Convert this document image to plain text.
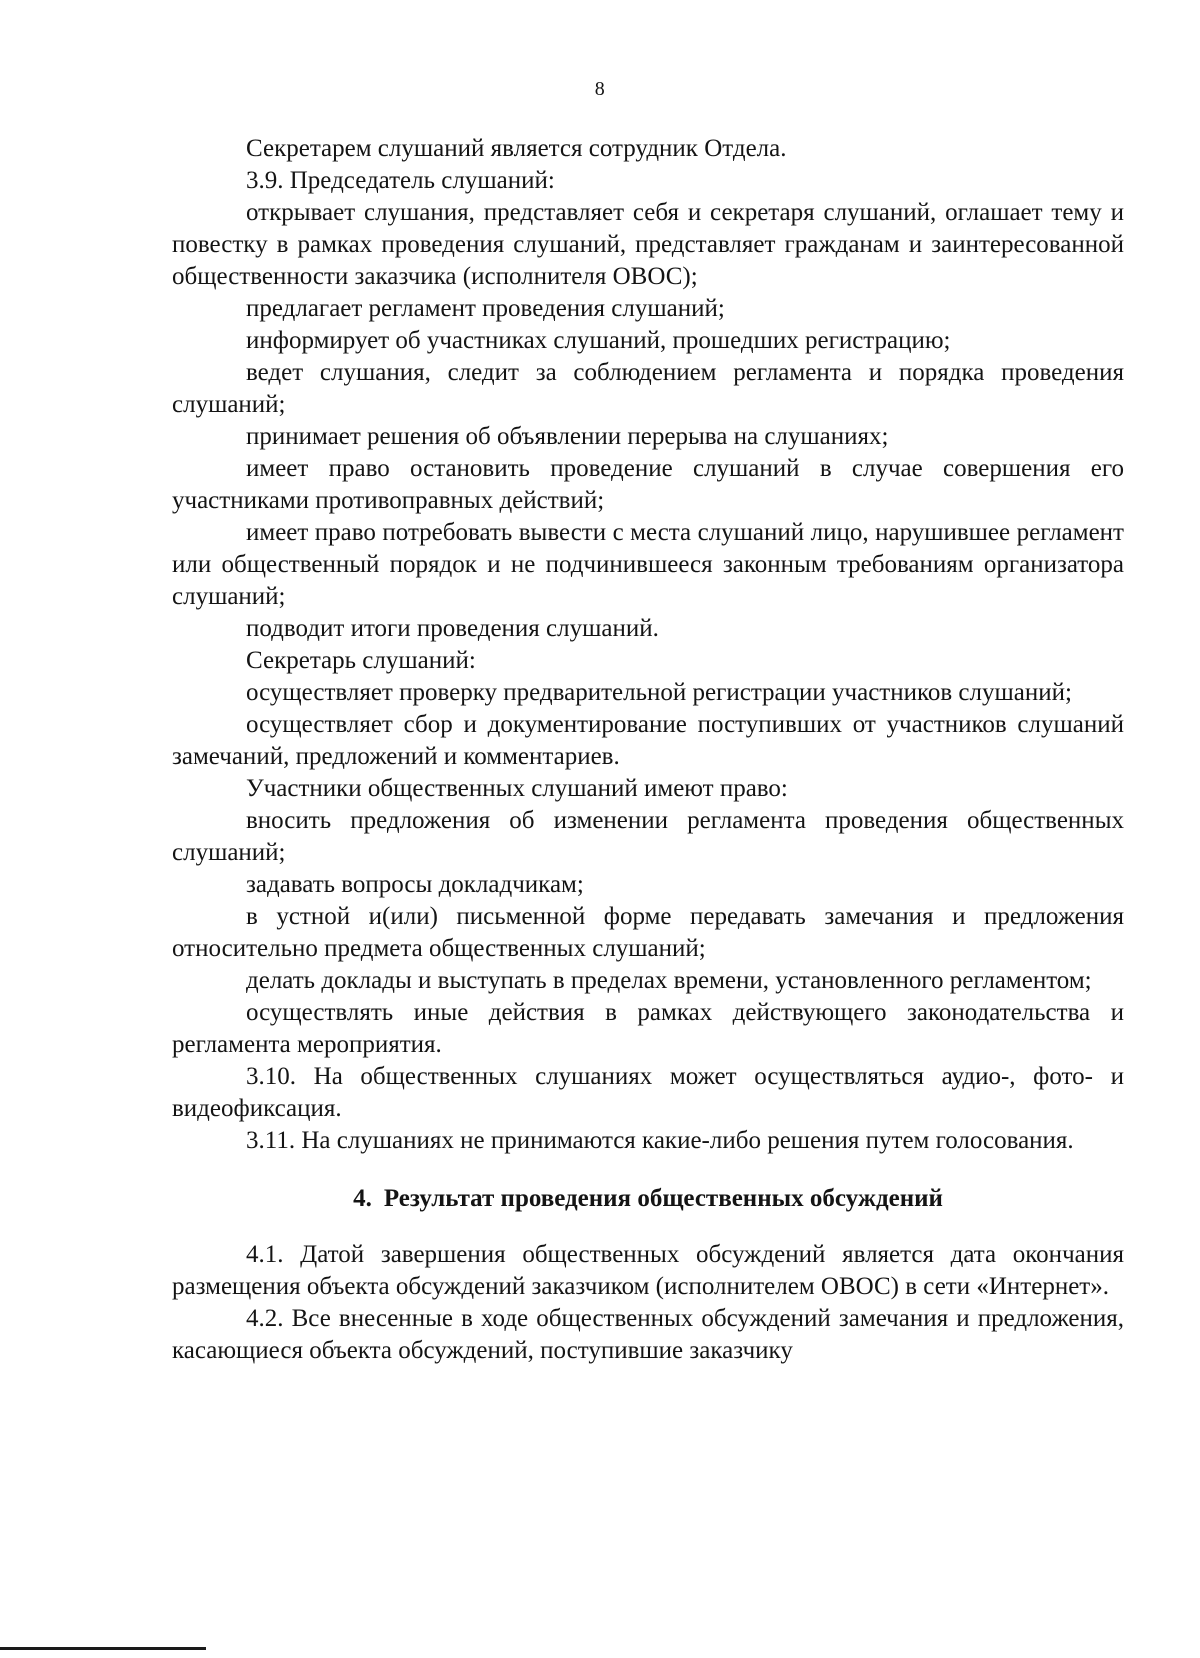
8

Секретарем слушаний является сотрудник Отдела.

3.9. Председатель слушаний:

открывает слушания, представляет себя и секретаря слушаний, оглашает тему и повестку в рамках проведения слушаний, представляет гражданам и заинтересованной общественности заказчика (исполнителя ОВОС);

предлагает регламент проведения слушаний;

информирует об участниках слушаний, прошедших регистрацию;

ведет слушания, следит за соблюдением регламента и порядка проведения слушаний;

принимает решения об объявлении перерыва на слушаниях;

имеет право остановить проведение слушаний в случае совершения его участниками противоправных действий;

имеет право потребовать вывести с места слушаний лицо, нарушившее регламент или общественный порядок и не подчинившееся законным требованиям организатора слушаний;

подводит итоги проведения слушаний.

Секретарь слушаний:

осуществляет проверку предварительной регистрации участников слушаний;

осуществляет сбор и документирование поступивших от участников слушаний замечаний, предложений и комментариев.

Участники общественных слушаний имеют право:

вносить предложения об изменении регламента проведения общественных слушаний;

задавать вопросы докладчикам;

в устной и(или) письменной форме передавать замечания и предложения относительно предмета общественных слушаний;

делать доклады и выступать в пределах времени, установленного регламентом;

осуществлять иные действия в рамках действующего законодательства и регламента мероприятия.

3.10. На общественных слушаниях может осуществляться аудио-, фото- и видеофиксация.

3.11. На слушаниях не принимаются какие-либо решения путем голосования.

4. Результат проведения общественных обсуждений

4.1. Датой завершения общественных обсуждений является дата окончания размещения объекта обсуждений заказчиком (исполнителем ОВОС) в сети «Интернет».

4.2. Все внесенные в ходе общественных обсуждений замечания и предложения, касающиеся объекта обсуждений, поступившие заказчику
